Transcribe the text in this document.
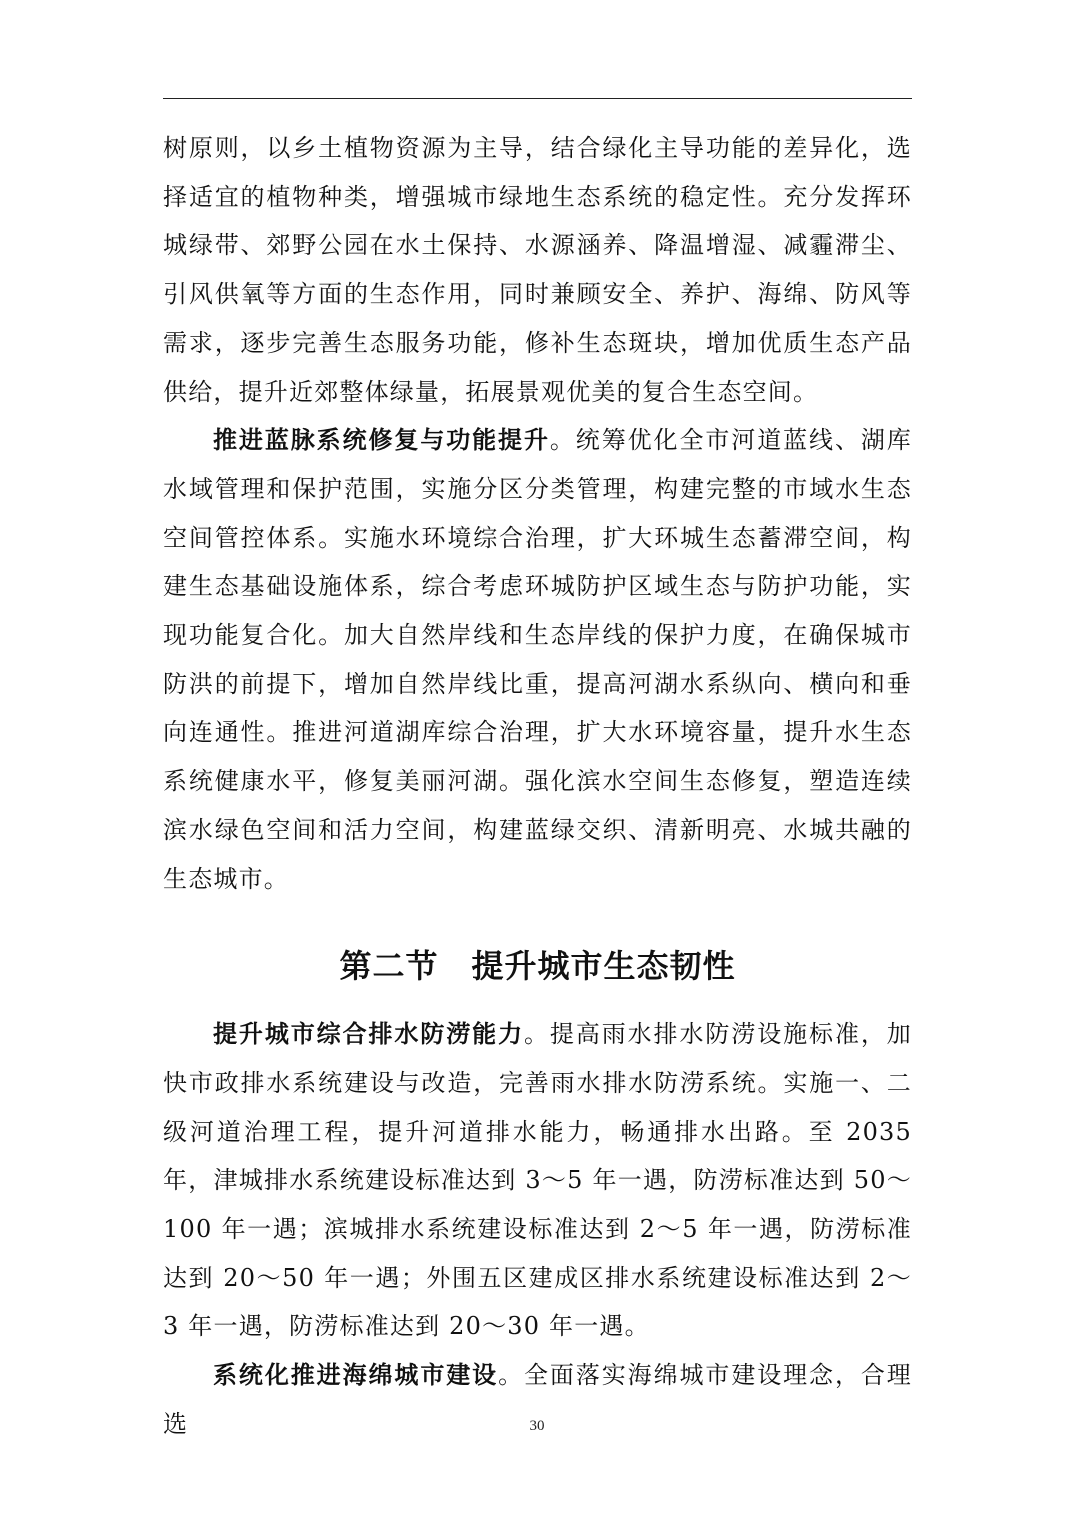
树原则，以乡土植物资源为主导，结合绿化主导功能的差异化，选择适宜的植物种类，增强城市绿地生态系统的稳定性。充分发挥环城绿带、郊野公园在水土保持、水源涵养、降温增湿、减霾滞尘、引风供氧等方面的生态作用，同时兼顾安全、养护、海绵、防风等需求，逐步完善生态服务功能，修补生态斑块，增加优质生态产品供给，提升近郊整体绿量，拓展景观优美的复合生态空间。

推进蓝脉系统修复与功能提升。统筹优化全市河道蓝线、湖库水域管理和保护范围，实施分区分类管理，构建完整的市域水生态空间管控体系。实施水环境综合治理，扩大环城生态蓄滞空间，构建生态基础设施体系，综合考虑环城防护区域生态与防护功能，实现功能复合化。加大自然岸线和生态岸线的保护力度，在确保城市防洪的前提下，增加自然岸线比重，提高河湖水系纵向、横向和垂向连通性。推进河道湖库综合治理，扩大水环境容量，提升水生态系统健康水平，修复美丽河湖。强化滨水空间生态修复，塑造连续滨水绿色空间和活力空间，构建蓝绿交织、清新明亮、水城共融的生态城市。

第二节　提升城市生态韧性

提升城市综合排水防涝能力。提高雨水排水防涝设施标准，加快市政排水系统建设与改造，完善雨水排水防涝系统。实施一、二级河道治理工程，提升河道排水能力，畅通排水出路。至 2035 年，津城排水系统建设标准达到 3～5 年一遇，防涝标准达到 50～100 年一遇；滨城排水系统建设标准达到 2～5 年一遇，防涝标准达到 20～50 年一遇；外围五区建成区排水系统建设标准达到 2～3 年一遇，防涝标准达到 20～30 年一遇。

系统化推进海绵城市建设。全面落实海绵城市建设理念，合理选	30
